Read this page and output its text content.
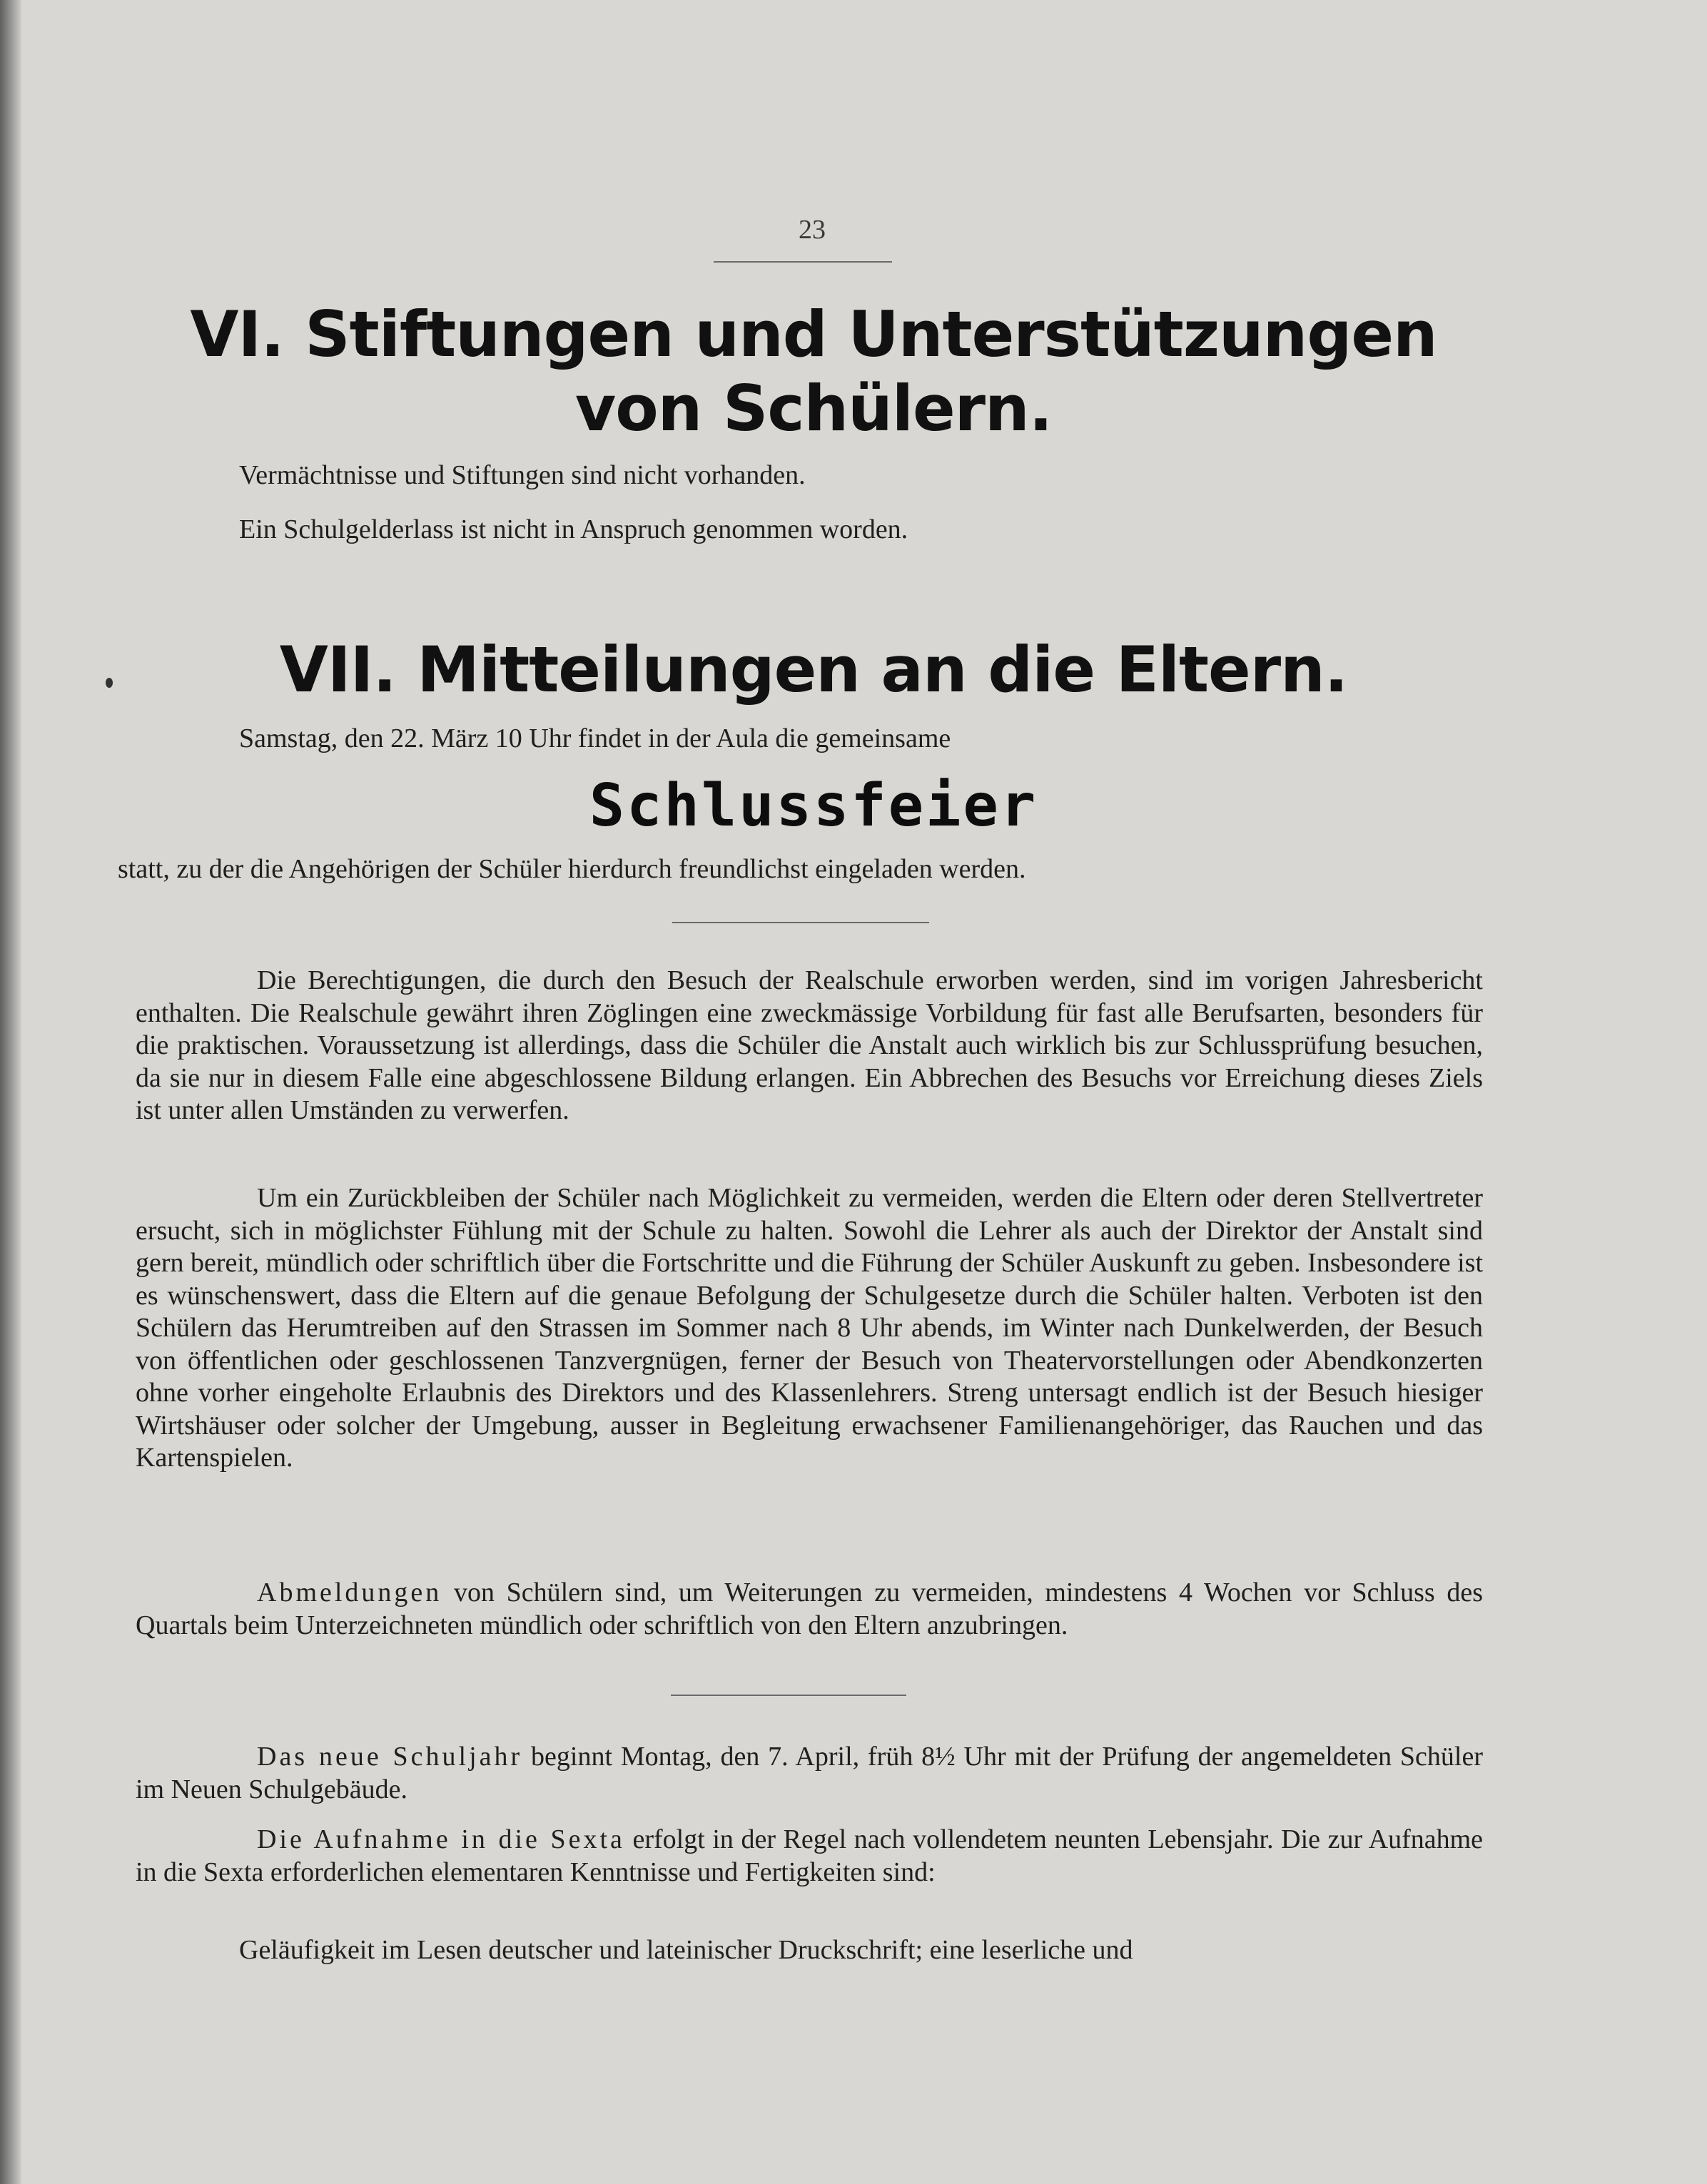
23
VI. Stiftungen und Unterstützungen
von Schülern.
Vermächtnisse und Stiftungen sind nicht vorhanden.
Ein Schulgelderlass ist nicht in Anspruch genommen worden.
VII. Mitteilungen an die Eltern.
Samstag, den 22. März 10 Uhr findet in der Aula die gemeinsame
Schlussfeier
statt, zu der die Angehörigen der Schüler hierdurch freundlichst eingeladen werden.
Die Berechtigungen, die durch den Besuch der Realschule erworben werden, sind im vorigen Jahresbericht enthalten. Die Realschule gewährt ihren Zöglingen eine zweckmässige Vorbildung für fast alle Berufsarten, besonders für die praktischen. Voraussetzung ist allerdings, dass die Schüler die Anstalt auch wirklich bis zur Schlussprüfung besuchen, da sie nur in diesem Falle eine abgeschlossene Bildung erlangen. Ein Abbrechen des Besuchs vor Erreichung dieses Ziels ist unter allen Umständen zu verwerfen.
Um ein Zurückbleiben der Schüler nach Möglichkeit zu vermeiden, werden die Eltern oder deren Stellvertreter ersucht, sich in möglichster Fühlung mit der Schule zu halten. Sowohl die Lehrer als auch der Direktor der Anstalt sind gern bereit, mündlich oder schriftlich über die Fortschritte und die Führung der Schüler Auskunft zu geben. Insbesondere ist es wünschenswert, dass die Eltern auf die genaue Befolgung der Schulgesetze durch die Schüler halten. Verboten ist den Schülern das Herumtreiben auf den Strassen im Sommer nach 8 Uhr abends, im Winter nach Dunkelwerden, der Besuch von öffentlichen oder geschlossenen Tanzvergnügen, ferner der Besuch von Theatervorstellungen oder Abendkonzerten ohne vorher eingeholte Erlaubnis des Direktors und des Klassenlehrers. Streng untersagt endlich ist der Besuch hiesiger Wirtshäuser oder solcher der Umgebung, ausser in Begleitung erwachsener Familienangehöriger, das Rauchen und das Kartenspielen.
Abmeldungen von Schülern sind, um Weiterungen zu vermeiden, mindestens 4 Wochen vor Schluss des Quartals beim Unterzeichneten mündlich oder schriftlich von den Eltern anzubringen.
Das neue Schuljahr beginnt Montag, den 7. April, früh 8½ Uhr mit der Prüfung der angemeldeten Schüler im Neuen Schulgebäude.
Die Aufnahme in die Sexta erfolgt in der Regel nach vollendetem neunten Lebensjahr. Die zur Aufnahme in die Sexta erforderlichen elementaren Kenntnisse und Fertigkeiten sind:
Geläufigkeit im Lesen deutscher und lateinischer Druckschrift; eine leserliche und
